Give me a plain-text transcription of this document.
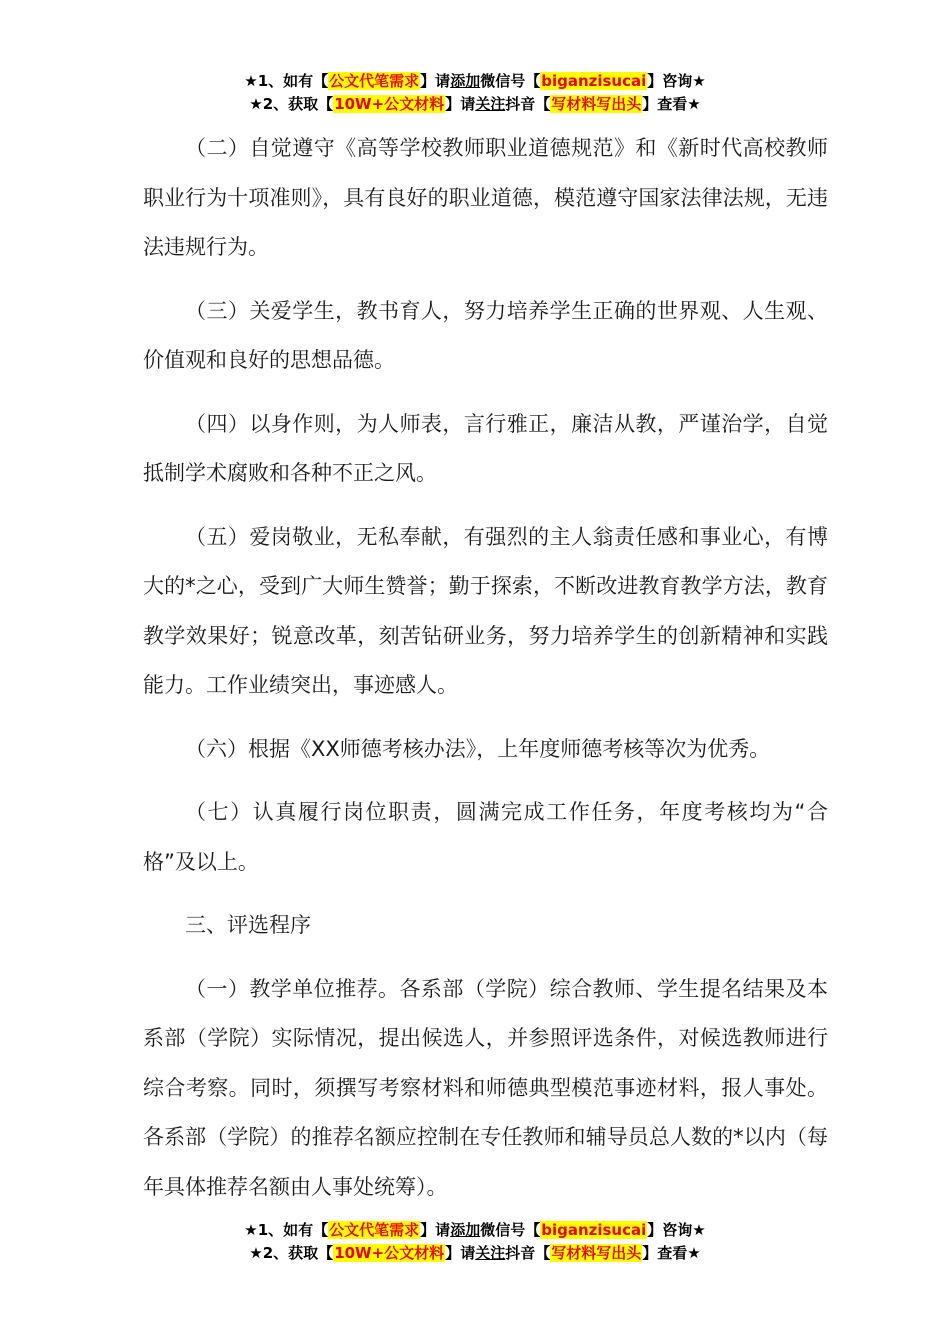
★1、如有【公文代笔需求】请添加微信号【biganzisucai】咨询★
★2、获取【10W+公文材料】请关注抖音【写材料写出头】查看★

（二）自觉遵守《高等学校教师职业道德规范》和《新时代高校教师职业行为十项准则》，具有良好的职业道德，模范遵守国家法律法规，无违法违规行为。

（三）关爱学生，教书育人，努力培养学生正确的世界观、人生观、价值观和良好的思想品德。

（四）以身作则，为人师表，言行雅正，廉洁从教，严谨治学，自觉抵制学术腐败和各种不正之风。

（五）爱岗敬业，无私奉献，有强烈的主人翁责任感和事业心，有博大的*之心，受到广大师生赞誉；勤于探索，不断改进教育教学方法，教育教学效果好；锐意改革，刻苦钻研业务，努力培养学生的创新精神和实践能力。工作业绩突出，事迹感人。

（六）根据《XX师德考核办法》，上年度师德考核等次为优秀。

（七）认真履行岗位职责，圆满完成工作任务，年度考核均为“合格”及以上。

三、评选程序

（一）教学单位推荐。各系部（学院）综合教师、学生提名结果及本系部（学院）实际情况，提出候选人，并参照评选条件，对候选教师进行综合考察。同时，须撰写考察材料和师德典型模范事迹材料，报人事处。各系部（学院）的推荐名额应控制在专任教师和辅导员总人数的*以内（每年具体推荐名额由人事处统筹）。

★1、如有【公文代笔需求】请添加微信号【biganzisucai】咨询★
★2、获取【10W+公文材料】请关注抖音【写材料写出头】查看★
